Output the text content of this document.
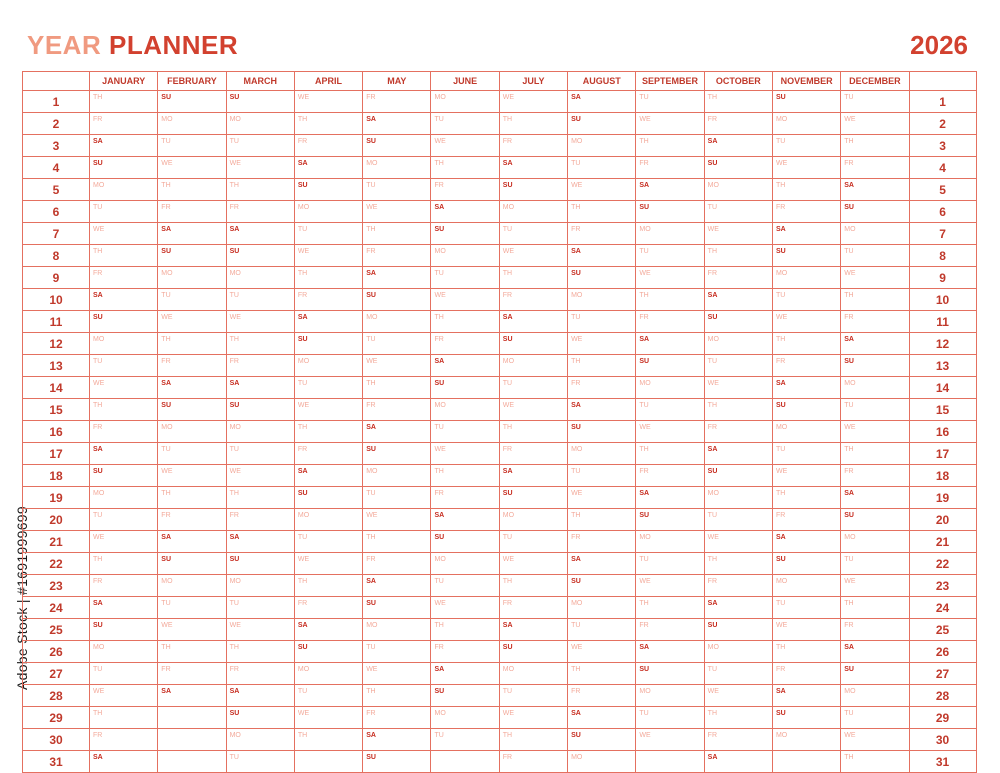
YEAR PLANNER	2026
Adobe Stock | #1691999699
	JANUARY	FEBRUARY	MARCH	APRIL	MAY	JUNE	JULY	AUGUST	SEPTEMBER	OCTOBER	NOVEMBER	DECEMBER	
1	TH	SU	SU	WE	FR	MO	WE	SA	TU	TH	SU	TU	1
2	FR	MO	MO	TH	SA	TU	TH	SU	WE	FR	MO	WE	2
3	SA	TU	TU	FR	SU	WE	FR	MO	TH	SA	TU	TH	3
4	SU	WE	WE	SA	MO	TH	SA	TU	FR	SU	WE	FR	4
5	MO	TH	TH	SU	TU	FR	SU	WE	SA	MO	TH	SA	5
6	TU	FR	FR	MO	WE	SA	MO	TH	SU	TU	FR	SU	6
7	WE	SA	SA	TU	TH	SU	TU	FR	MO	WE	SA	MO	7
8	TH	SU	SU	WE	FR	MO	WE	SA	TU	TH	SU	TU	8
9	FR	MO	MO	TH	SA	TU	TH	SU	WE	FR	MO	WE	9
10	SA	TU	TU	FR	SU	WE	FR	MO	TH	SA	TU	TH	10
11	SU	WE	WE	SA	MO	TH	SA	TU	FR	SU	WE	FR	11
12	MO	TH	TH	SU	TU	FR	SU	WE	SA	MO	TH	SA	12
13	TU	FR	FR	MO	WE	SA	MO	TH	SU	TU	FR	SU	13
14	WE	SA	SA	TU	TH	SU	TU	FR	MO	WE	SA	MO	14
15	TH	SU	SU	WE	FR	MO	WE	SA	TU	TH	SU	TU	15
16	FR	MO	MO	TH	SA	TU	TH	SU	WE	FR	MO	WE	16
17	SA	TU	TU	FR	SU	WE	FR	MO	TH	SA	TU	TH	17
18	SU	WE	WE	SA	MO	TH	SA	TU	FR	SU	WE	FR	18
19	MO	TH	TH	SU	TU	FR	SU	WE	SA	MO	TH	SA	19
20	TU	FR	FR	MO	WE	SA	MO	TH	SU	TU	FR	SU	20
21	WE	SA	SA	TU	TH	SU	TU	FR	MO	WE	SA	MO	21
22	TH	SU	SU	WE	FR	MO	WE	SA	TU	TH	SU	TU	22
23	FR	MO	MO	TH	SA	TU	TH	SU	WE	FR	MO	WE	23
24	SA	TU	TU	FR	SU	WE	FR	MO	TH	SA	TU	TH	24
25	SU	WE	WE	SA	MO	TH	SA	TU	FR	SU	WE	FR	25
26	MO	TH	TH	SU	TU	FR	SU	WE	SA	MO	TH	SA	26
27	TU	FR	FR	MO	WE	SA	MO	TH	SU	TU	FR	SU	27
28	WE	SA	SA	TU	TH	SU	TU	FR	MO	WE	SA	MO	28
29	TH		SU	WE	FR	MO	WE	SA	TU	TH	SU	TU	29
30	FR		MO	TH	SA	TU	TH	SU	WE	FR	MO	WE	30
31	SA		TU		SU		FR	MO		SA		TH	31
